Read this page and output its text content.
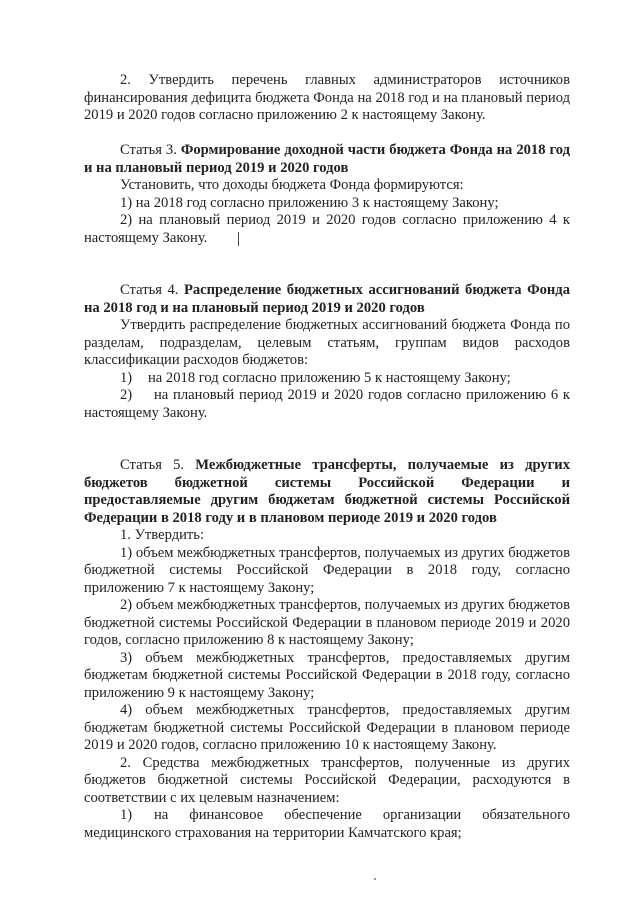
2. Утвердить перечень главных администраторов источников финансирования дефицита бюджета Фонда на 2018 год и на плановый период 2019 и 2020 годов согласно приложению 2 к настоящему Закону.

Статья 3. Формирование доходной части бюджета Фонда на 2018 год и на плановый период 2019 и 2020 годов

Установить, что доходы бюджета Фонда формируются:

1) на 2018 год согласно приложению 3 к настоящему Закону;

2) на плановый период 2019 и 2020 годов согласно приложению 4 к настоящему Закону.

Статья 4. Распределение бюджетных ассигнований бюджета Фонда на 2018 год и на плановый период 2019 и 2020 годов

Утвердить распределение бюджетных ассигнований бюджета Фонда по разделам, подразделам, целевым статьям, группам видов расходов классификации расходов бюджетов:

1)	на 2018 год согласно приложению 5 к настоящему Закону;

2) на плановый период 2019 и 2020 годов согласно приложению 6 к настоящему Закону.

Статья 5. Межбюджетные трансферты, получаемые из других бюджетов бюджетной системы Российской Федерации и предоставляемые другим бюджетам бюджетной системы Российской Федерации в 2018 году и в плановом периоде 2019 и 2020 годов

1. Утвердить:

1) объем межбюджетных трансфертов, получаемых из других бюджетов бюджетной системы Российской Федерации в 2018 году, согласно приложению 7 к настоящему Закону;

2) объем межбюджетных трансфертов, получаемых из других бюджетов бюджетной системы Российской Федерации в плановом периоде 2019 и 2020 годов, согласно приложению 8 к настоящему Закону;

3) объем межбюджетных трансфертов, предоставляемых другим бюджетам бюджетной системы Российской Федерации в 2018 году, согласно приложению 9 к настоящему Закону;

4) объем межбюджетных трансфертов, предоставляемых другим бюджетам бюджетной системы Российской Федерации в плановом периоде 2019 и 2020 годов, согласно приложению 10 к настоящему Закону.

2. Средства межбюджетных трансфертов, полученные из других бюджетов бюджетной системы Российской Федерации, расходуются в соответствии с их целевым назначением:

1) на финансовое обеспечение организации обязательного медицинского страхования на территории Камчатского края;
